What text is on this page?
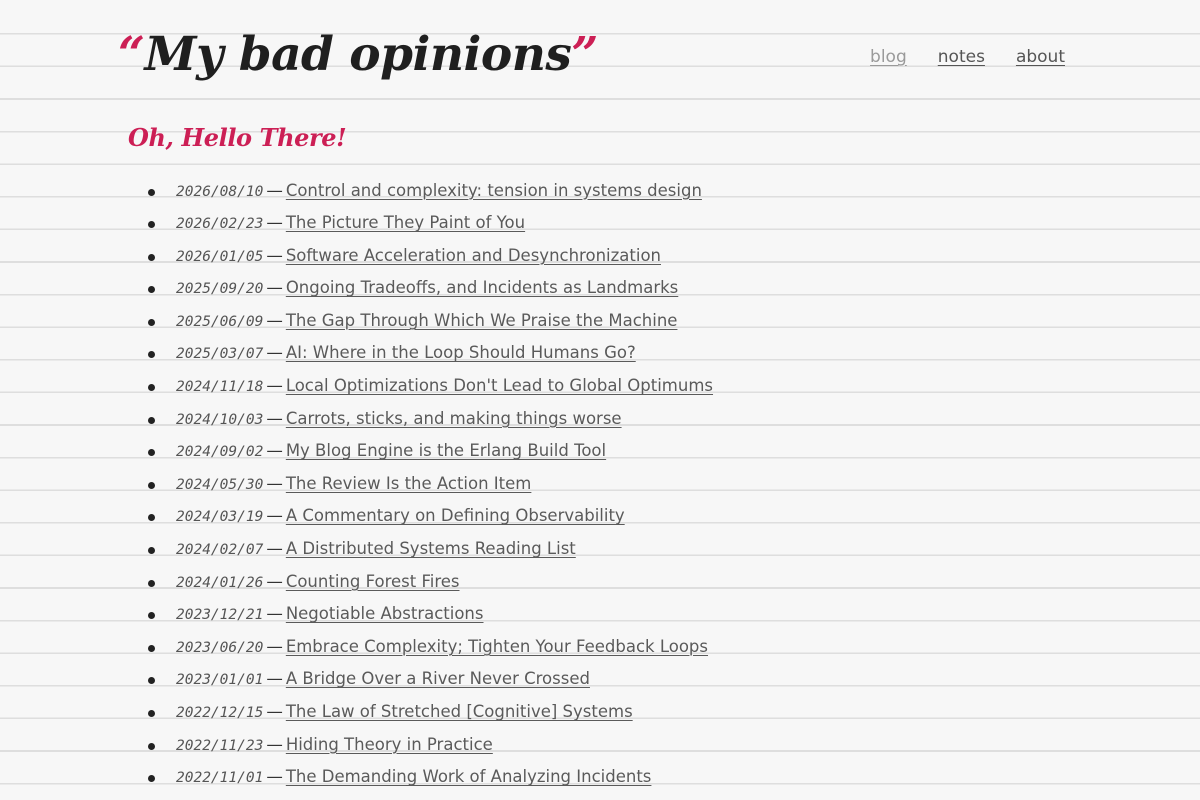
“My bad opinions”	blog notes about
Oh, Hello There!
2026/08/10 — Control and complexity: tension in systems design
2026/02/23 — The Picture They Paint of You
2026/01/05 — Software Acceleration and Desynchronization
2025/09/20 — Ongoing Tradeoffs, and Incidents as Landmarks
2025/06/09 — The Gap Through Which We Praise the Machine
2025/03/07 — AI: Where in the Loop Should Humans Go?
2024/11/18 — Local Optimizations Don't Lead to Global Optimums
2024/10/03 — Carrots, sticks, and making things worse
2024/09/02 — My Blog Engine is the Erlang Build Tool
2024/05/30 — The Review Is the Action Item
2024/03/19 — A Commentary on Defining Observability
2024/02/07 — A Distributed Systems Reading List
2024/01/26 — Counting Forest Fires
2023/12/21 — Negotiable Abstractions
2023/06/20 — Embrace Complexity; Tighten Your Feedback Loops
2023/01/01 — A Bridge Over a River Never Crossed
2022/12/15 — The Law of Stretched [Cognitive] Systems
2022/11/23 — Hiding Theory in Practice
2022/11/01 — The Demanding Work of Analyzing Incidents
